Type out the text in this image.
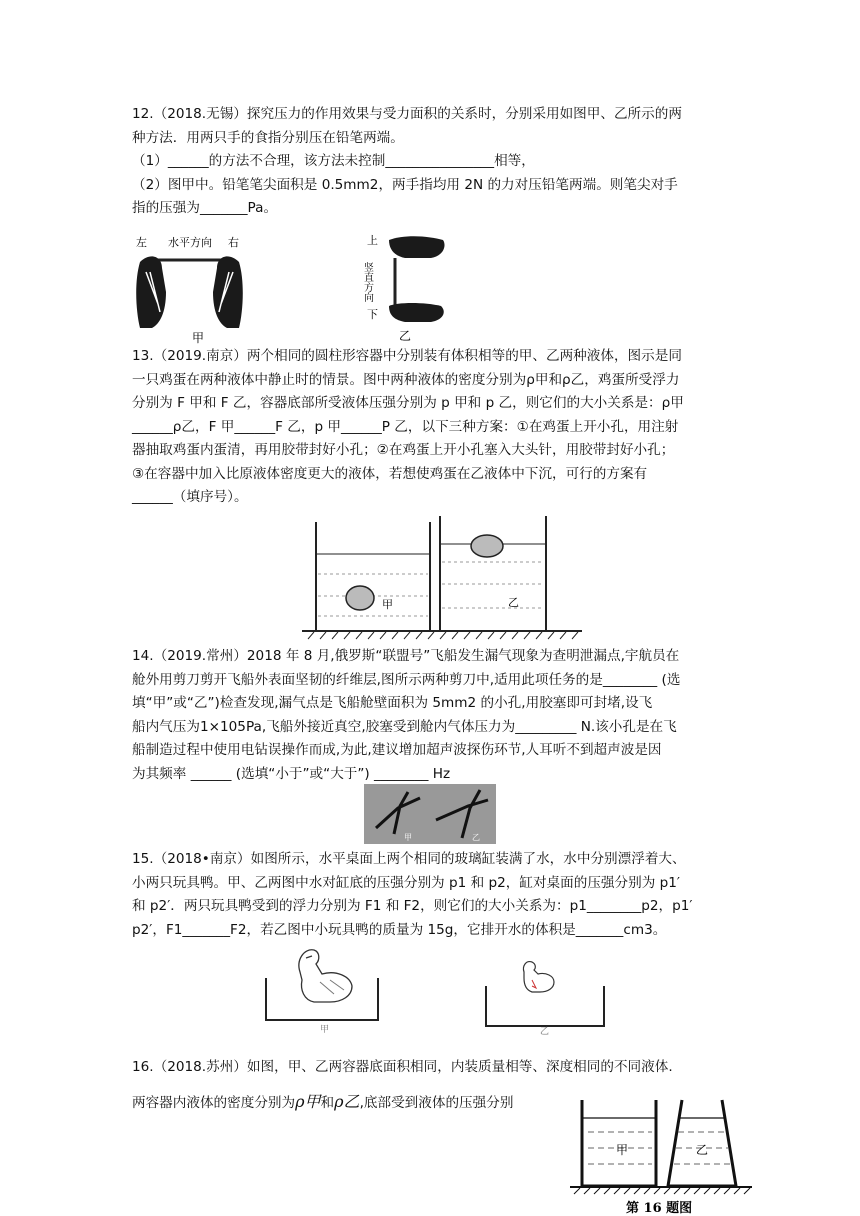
12.（2018.无锡）探究压力的作用效果与受力面积的关系时，分别采用如图甲、乙所示的两

种方法．用两只手的食指分别压在铅笔两端。

（1）______的方法不合理，该方法未控制________________相等，

（2）图甲中。铅笔笔尖面积是 0.5mm2，两手指均用 2N 的力对压铅笔两端。则笔尖对手

指的压强为_______Pa。

左 水平方向 右
甲
上
竖直方向
下
乙

13.（2019.南京）两个相同的圆柱形容器中分别装有体积相等的甲、乙两种液体，图示是同

一只鸡蛋在两种液体中静止时的情景。图中两种液体的密度分别为ρ甲和ρ乙，鸡蛋所受浮力

分别为 F 甲和 F 乙，容器底部所受液体压强分别为 p 甲和 p 乙，则它们的大小关系是：ρ甲

______ρ乙，F 甲______F 乙，p 甲______P 乙，以下三种方案：①在鸡蛋上开小孔，用注射

器抽取鸡蛋内蛋清，再用胶带封好小孔；②在鸡蛋上开小孔塞入大头针，用胶带封好小孔；

③在容器中加入比原液体密度更大的液体，若想使鸡蛋在乙液体中下沉，可行的方案有

______（填序号）。

甲	乙

14.（2019.常州）2018 年 8 月,俄罗斯“联盟号”飞船发生漏气现象为查明泄漏点,宇航员在

舱外用剪刀剪开飞船外表面坚韧的纤维层,图所示两种剪刀中,适用此项任务的是________ (选

填“甲”或“乙”)检查发现,漏气点是飞船舱壁面积为 5mm2 的小孔,用胶塞即可封堵,设飞

船内气压为1×105Pa,飞船外接近真空,胶塞受到舱内气体压力为_________ N.该小孔是在飞

船制造过程中使用电钻误操作而成,为此,建议增加超声波探伤环节,人耳听不到超声波是因

为其频率 ______ (选填“小于”或“大于”) ________ Hz

甲	乙

15.（2018•南京）如图所示，水平桌面上两个相同的玻璃缸装满了水，水中分别漂浮着大、

小两只玩具鸭。甲、乙两图中水对缸底的压强分别为 p1 和 p2，缸对桌面的压强分别为 p1′

和 p2′．两只玩具鸭受到的浮力分别为 F1 和 F2，则它们的大小关系为：p1________p2，p1′

p2′，F1_______F2，若乙图中小玩具鸭的质量为 15g，它排开水的体积是_______cm3。

甲	乙

16.（2018.苏州）如图，甲、乙两容器底面积相同，内装质量相等、深度相同的不同液体.

两容器内液体的密度分别为ρ甲和ρ乙,底部受到液体的压强分别
甲	乙
第 16 题图
